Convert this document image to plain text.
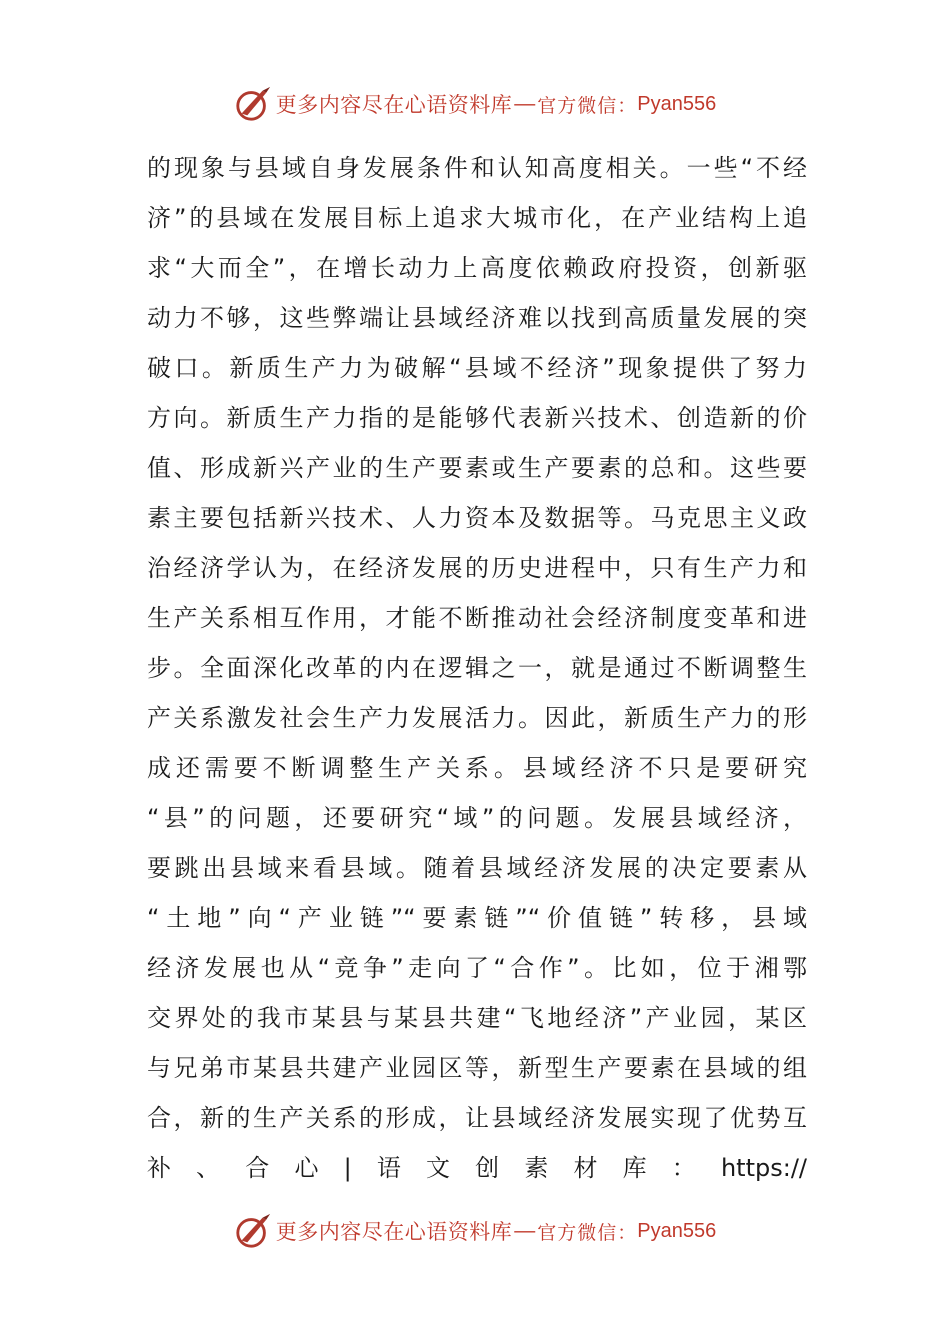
更多内容尽在心语资料库 — 官方微信： Pyan556
的现象与县域自身发展条件和认知高度相关。一些“不经
济”的县域在发展目标上追求大城市化，在产业结构上追
求“大而全”，在增长动力上高度依赖政府投资，创新驱
动力不够，这些弊端让县域经济难以找到高质量发展的突
破口。新质生产力为破解“县域不经济”现象提供了努力
方向。新质生产力指的是能够代表新兴技术、创造新的价
值、形成新兴产业的生产要素或生产要素的总和。这些要
素主要包括新兴技术、人力资本及数据等。马克思主义政
治经济学认为，在经济发展的历史进程中，只有生产力和
生产关系相互作用，才能不断推动社会经济制度变革和进
步。全面深化改革的内在逻辑之一，就是通过不断调整生
产关系激发社会生产力发展活力。因此，新质生产力的形
成还需要不断调整生产关系。县域经济不只是要研究
“县”的问题，还要研究“域”的问题。发展县域经济，
要跳出县域来看县域。随着县域经济发展的决定要素从
“土地”向“产业链”“要素链”“价值链”转移，县域
经济发展也从“竞争”走向了“合作”。比如，位于湘鄂
交界处的我市某县与某县共建“飞地经济”产业园，某区
与兄弟市某县共建产业园区等，新型生产要素在县域的组
合，新的生产关系的形成，让县域经济发展实现了优势互
补、合心|语文创素材库：https://
更多内容尽在心语资料库 — 官方微信： Pyan556
